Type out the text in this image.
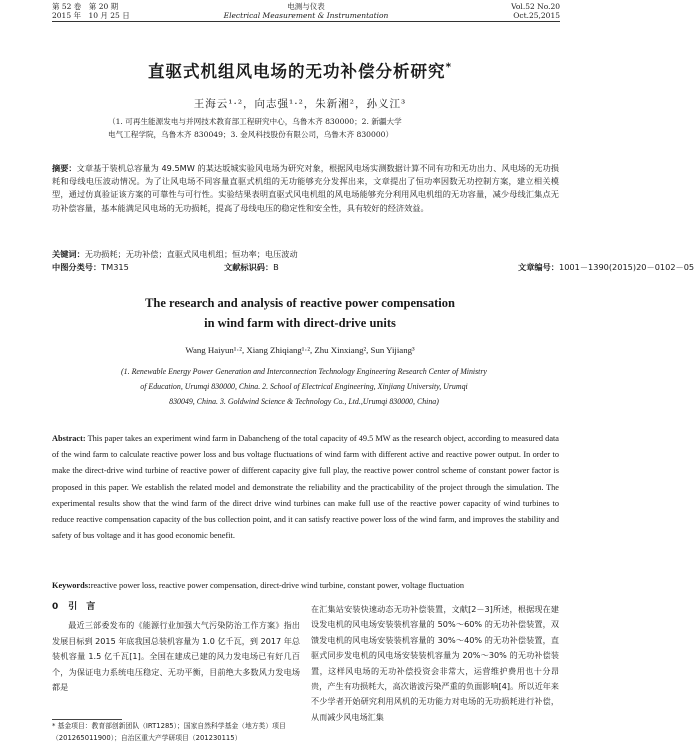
第 52 卷　第 20 期	电测与仪表	Vol.52 No.20
2015 年　10 月 25 日	Electrical Measurement & Instrumentation	Oct.25,2015
直驱式机组风电场的无功补偿分析研究*
王海云¹·²，向志强¹·²，朱新湘²，孙义江³
（1. 可再生能源发电与并网技术教育部工程研究中心，乌鲁木齐 830000；2. 新疆大学
电气工程学院，乌鲁木齐 830049；3. 金风科技股份有限公司，乌鲁木齐 830000）
摘要：文章基于装机总容量为 49.5MW 的某达坂城实验风电场为研究对象，根据风电场实测数据计算不同有功和无功出力、风电场的无功损耗和母线电压波动情况。为了让风电场不同容量直驱式机组的无功能够充分发挥出来，文章提出了恒功率因数无功控制方案，建立相关模型，通过仿真验证该方案的可靠性与可行性。实验结果表明直驱式风电机组的风电场能够充分利用风电机组的无功容量，减少母线汇集点无功补偿容量，基本能满足风电场的无功损耗，提高了母线电压的稳定性和安全性，具有较好的经济效益。
关键词：无功损耗；无功补偿；直驱式风电机组；恒功率；电压波动
中图分类号： TM315	文献标识码： B	文章编号： 1001－1390(2015)20－0102－05
The research and analysis of reactive power compensation
in wind farm with direct-drive units
Wang Haiyun¹·², Xiang Zhiqiang¹·², Zhu Xinxiang², Sun Yijiang³
(1. Renewable Energy Power Generation and Interconnection Technology Engineering Research Center of Ministry
of Education, Urumqi 830000, China. 2. School of Electrical Engineering, Xinjiang University, Urumqi
830049, China. 3. Goldwind Science & Technology Co., Ltd.,Urumqi 830000, China)
Abstract: This paper takes an experiment wind farm in Dabancheng of the total capacity of 49.5 MW as the research object, according to measured data of the wind farm to calculate reactive power loss and bus voltage fluctuations of wind farm with different active and reactive power output. In order to make the direct-drive wind turbine of reactive power of different capacity give full play, the reactive power control scheme of constant power factor is proposed in this paper. We establish the related model and demonstrate the reliability and the practicability of the project through the simulation. The experimental results show that the wind farm of the direct drive wind turbines can make full use of the reactive power capacity of wind turbines to reduce reactive compensation capacity of the bus collection point, and it can satisfy reactive power loss of the wind farm, and improves the stability and safety of bus voltage and it has good economic benefit.
Keywords:reactive power loss, reactive power compensation, direct-drive wind turbine, constant power, voltage fluctuation
0 引　言
最近三部委发布的《能源行业加强大气污染防治工作方案》指出发展目标到 2015 年底我国总装机容量为 1.0 亿千瓦，到 2017 年总装机容量 1.5 亿千瓦[1]。全国在建成已建的风力发电场已有好几百个，为保证电力系统电压稳定、无功平衡，目前绝大多数风力发电场都是
在汇集站安装快速动态无功补偿装置，文献[2－3]所述，根据现在建设发电机的风电场安装装机容量的 50%～60% 的无功补偿装置，双馈发电机的风电场安装装机容量的 30%～40% 的无功补偿装置，直驱式同步发电机的风电场安装装机容量为 20%～30% 的无功补偿装置，这样风电场的无功补偿投资会非常大，运营维护费用也十分昂贵，产生有功损耗大，高次谐波污染严重的负面影响[4]。所以近年来不少学者开始研究利用风机的无功能力对电场的无功损耗进行补偿，从而减少风电场汇集
* 基金项目：教育部创新团队（IRT1285）；国家自然科学基金（地方类）项目（201265011900）；自治区重大产学研项目（201230115）
